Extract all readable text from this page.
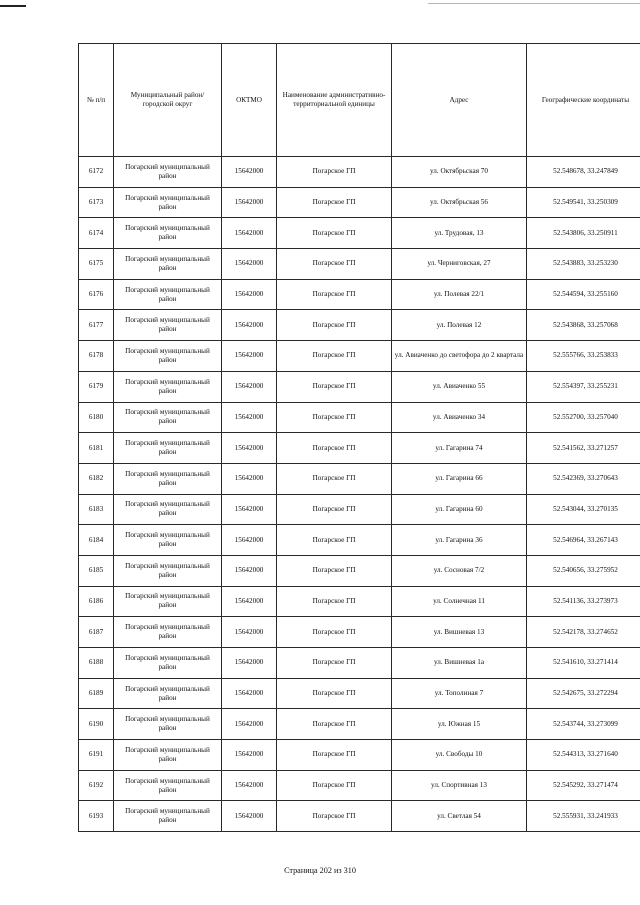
№ п/п	Муниципальный район/городской округ	ОКТМО	Наименование административно-территориальной единицы	Адрес	Географические координаты
6172	Погарский муниципальный район	15642000	Погарское ГП	ул. Октябрьская 70	52.548678, 33.247849
6173	Погарский муниципальный район	15642000	Погарское ГП	ул. Октябрьская 56	52.549541, 33.250309
6174	Погарский муниципальный район	15642000	Погарское ГП	ул. Трудовая, 13	52.543806, 33.250911
6175	Погарский муниципальный район	15642000	Погарское ГП	ул. Черниговская, 27	52.543883, 33.253230
6176	Погарский муниципальный район	15642000	Погарское ГП	ул. Полевая 22/1	52.544594, 33.255160
6177	Погарский муниципальный район	15642000	Погарское ГП	ул. Полевая 12	52.543868, 33.257068
6178	Погарский муниципальный район	15642000	Погарское ГП	ул. Авиаченко до светофора до 2 квартала	52.555766, 33.253833
6179	Погарский муниципальный район	15642000	Погарское ГП	ул. Авиаченко 55	52.554397, 33.255231
6180	Погарский муниципальный район	15642000	Погарское ГП	ул. Авиаченко 34	52.552700, 33.257040
6181	Погарский муниципальный район	15642000	Погарское ГП	ул. Гагарина 74	52.541562, 33.271257
6182	Погарский муниципальный район	15642000	Погарское ГП	ул. Гагарина 66	52.542369, 33.270643
6183	Погарский муниципальный район	15642000	Погарское ГП	ул. Гагарина 60	52.543044, 33.270135
6184	Погарский муниципальный район	15642000	Погарское ГП	ул. Гагарина 36	52.546964, 33.267143
6185	Погарский муниципальный район	15642000	Погарское ГП	ул. Сосновая 7/2	52.540656, 33.275952
6186	Погарский муниципальный район	15642000	Погарское ГП	ул. Солнечная 11	52.541136, 33.273973
6187	Погарский муниципальный район	15642000	Погарское ГП	ул. Вишневая 13	52.542178, 33.274652
6188	Погарский муниципальный район	15642000	Погарское ГП	ул. Вишневая 1а	52.541610, 33.271414
6189	Погарский муниципальный район	15642000	Погарское ГП	ул. Тополиная 7	52.542675, 33.272294
6190	Погарский муниципальный район	15642000	Погарское ГП	ул. Южная 15	52.543744, 33.273099
6191	Погарский муниципальный район	15642000	Погарское ГП	ул. Свободы 10	52.544313, 33.271640
6192	Погарский муниципальный район	15642000	Погарское ГП	ул. Спортивная 13	52.545292, 33.271474
6193	Погарский муниципальный район	15642000	Погарское ГП	ул. Светлая 54	52.555931, 33.241933
Страница 202 из 310
